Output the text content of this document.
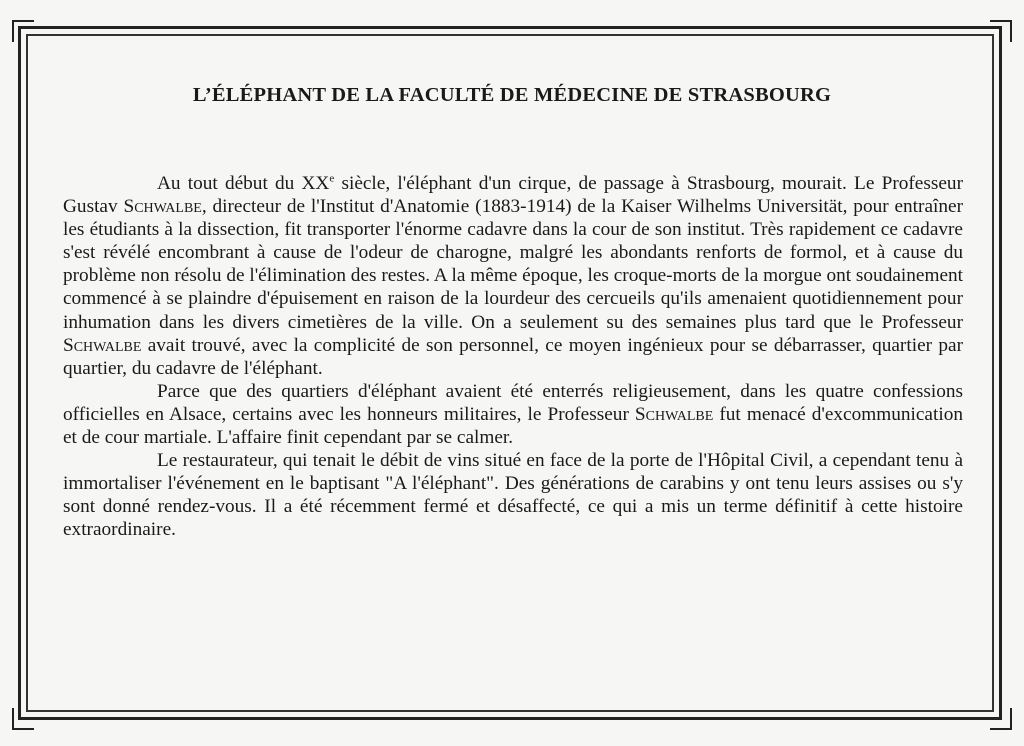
L’ÉLÉPHANT DE LA FACULTÉ DE MÉDECINE DE STRASBOURG

Au tout début du XXe siècle, l'éléphant d'un cirque, de passage à Strasbourg, mourait. Le Professeur Gustav Schwalbe, directeur de l'Institut d'Anatomie (1883-1914) de la Kaiser Wilhelms Universität, pour entraîner les étudiants à la dissection, fit transporter l'énorme cadavre dans la cour de son institut. Très rapidement ce cadavre s'est révélé encombrant à cause de l'odeur de charogne, malgré les abondants renforts de formol, et à cause du problème non résolu de l'élimination des restes. A la même époque, les croque-morts de la morgue ont soudainement commencé à se plaindre d'épuisement en raison de la lourdeur des cercueils qu'ils amenaient quotidiennement pour inhumation dans les divers cimetières de la ville. On a seulement su des semaines plus tard que le Professeur Schwalbe avait trouvé, avec la complicité de son personnel, ce moyen ingénieux pour se débarrasser, quartier par quartier, du cadavre de l'éléphant.

Parce que des quartiers d'éléphant avaient été enterrés religieusement, dans les quatre confessions officielles en Alsace, certains avec les honneurs militaires, le Professeur Schwalbe fut menacé d'excommunication et de cour martiale. L'affaire finit cependant par se calmer.

Le restaurateur, qui tenait le débit de vins situé en face de la porte de l'Hôpital Civil, a cependant tenu à immortaliser l'événement en le baptisant "A l'éléphant". Des générations de carabins y ont tenu leurs assises ou s'y sont donné rendez-vous. Il a été récemment fermé et désaffecté, ce qui a mis un terme définitif à cette histoire extraordinaire.
